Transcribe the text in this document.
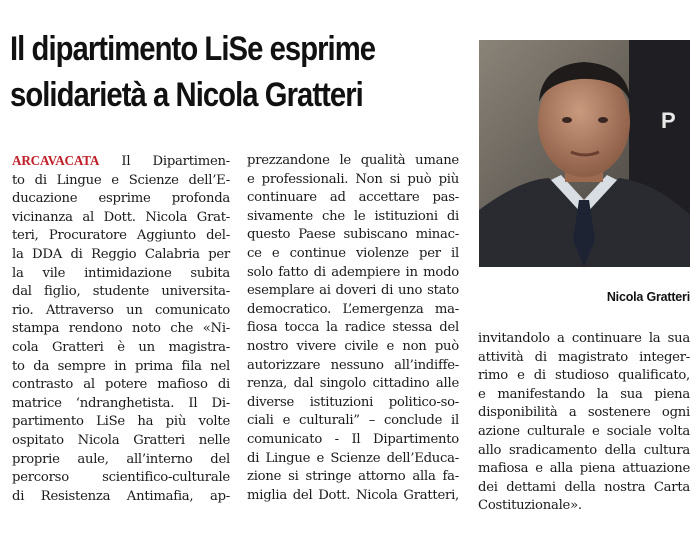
Il dipartimento LiSe esprime
solidarietà a Nicola Gratteri
P
Nicola Gratteri
ARCAVACATA Il Dipartimen-
to di Lingue e Scienze dell’E-
ducazione esprime profonda
vicinanza al Dott. Nicola Grat-
teri, Procuratore Aggiunto del-
la DDA di Reggio Calabria per
la vile intimidazione subita
dal figlio, studente universita-
rio. Attraverso un comunicato
stampa rendono noto che «Ni-
cola Gratteri è un magistra-
to da sempre in prima fila nel
contrasto al potere mafioso di
matrice ‘ndranghetista. Il Di-
partimento LiSe ha più volte
ospitato Nicola Gratteri nelle
proprie aule, all’interno del
percorso scientifico-culturale
di Resistenza Antimafia, ap-
prezzandone le qualità umane
e professionali. Non si può più
continuare ad accettare pas-
sivamente che le istituzioni di
questo Paese subiscano minac-
ce e continue violenze per il
solo fatto di adempiere in modo
esemplare ai doveri di uno stato
democratico. L’emergenza ma-
fiosa tocca la radice stessa del
nostro vivere civile e non può
autorizzare nessuno all’indiffe-
renza, dal singolo cittadino alle
diverse istituzioni politico-so-
ciali e culturali” – conclude il
comunicato - Il Dipartimento
di Lingue e Scienze dell’Educa-
zione si stringe attorno alla fa-
miglia del Dott. Nicola Gratteri,
invitandolo a continuare la sua
attività di magistrato integer-
rimo e di studioso qualificato,
e manifestando la sua piena
disponibilità a sostenere ogni
azione culturale e sociale volta
allo sradicamento della cultura
mafiosa e alla piena attuazione
dei dettami della nostra Carta
Costituzionale».
